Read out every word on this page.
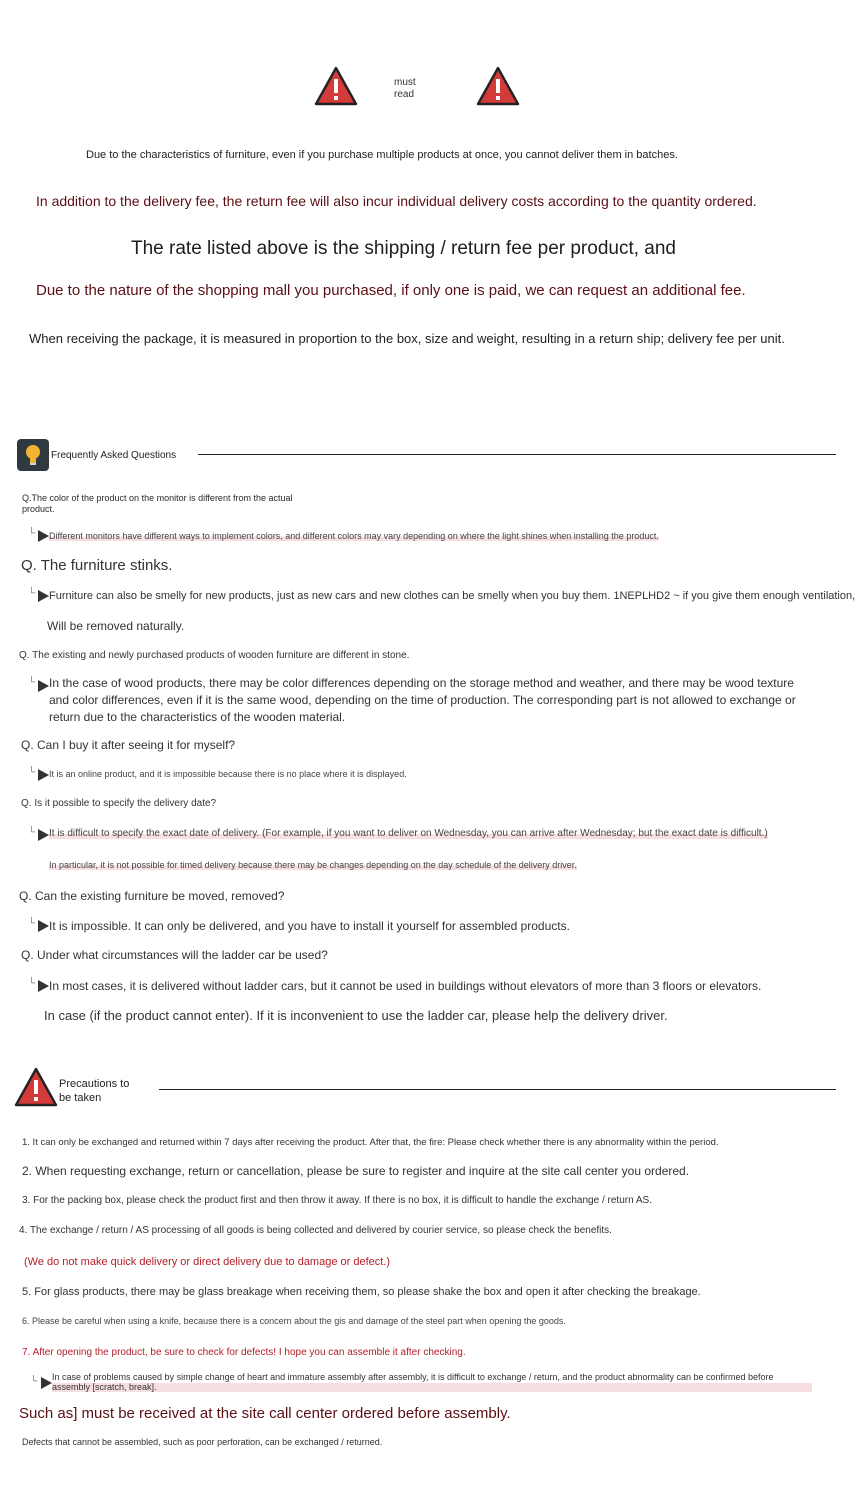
must
read
Due to the characteristics of furniture, even if you purchase multiple products at once, you cannot deliver them in batches.
In addition to the delivery fee, the return fee will also incur individual delivery costs according to the quantity ordered.
The rate listed above is the shipping / return fee per product, and
Due to the nature of the shopping mall you purchased, if only one is paid, we can request an additional fee.
When receiving the package, it is measured in proportion to the box, size and weight, resulting in a return ship; delivery fee per unit.
Frequently Asked Questions
Q.The color of the product on the monitor is different from the actual product.
└ Different monitors have different ways to implement colors, and different colors may vary depending on where the light shines when installing the product.
Q. The furniture stinks.
└ Furniture can also be smelly for new products, just as new cars and new clothes can be smelly when you buy them. 1NEPLHD2 ~ if you give them enough ventilation,
Will be removed naturally.
Q. The existing and newly purchased products of wooden furniture are different in stone.
└ In the case of wood products, there may be color differences depending on the storage method and weather, and there may be wood texture and color differences, even if it is the same wood, depending on the time of production. The corresponding part is not allowed to exchange or return due to the characteristics of the wooden material.
Q. Can I buy it after seeing it for myself?
└ It is an online product, and it is impossible because there is no place where it is displayed.
Q. Is it possible to specify the delivery date?
└ It is difficult to specify the exact date of delivery. (For example, if you want to deliver on Wednesday, you can arrive after Wednesday; but the exact date is difficult.)
In particular, it is not possible for timed delivery because there may be changes depending on the day schedule of the delivery driver.
Q. Can the existing furniture be moved, removed?
└ It is impossible. It can only be delivered, and you have to install it yourself for assembled products.
Q. Under what circumstances will the ladder car be used?
└ In most cases, it is delivered without ladder cars, but it cannot be used in buildings without elevators of more than 3 floors or elevators.
In case (if the product cannot enter). If it is inconvenient to use the ladder car, please help the delivery driver.
Precautions to
be taken
1. It can only be exchanged and returned within 7 days after receiving the product. After that, the fire: Please check whether there is any abnormality within the period.
2. When requesting exchange, return or cancellation, please be sure to register and inquire at the site call center you ordered.
3. For the packing box, please check the product first and then throw it away. If there is no box, it is difficult to handle the exchange / return AS.
4. The exchange / return / AS processing of all goods is being collected and delivered by courier service, so please check the benefits.
(We do not make quick delivery or direct delivery due to damage or defect.)
5. For glass products, there may be glass breakage when receiving them, so please shake the box and open it after checking the breakage.
6. Please be careful when using a knife, because there is a concern about the gis and damage of the steel part when opening the goods.
7. After opening the product, be sure to check for defects! I hope you can assemble it after checking.
└ In case of problems caused by simple change of heart and immature assembly after assembly, it is difficult to exchange / return, and the product abnormality can be confirmed before assembly [scratch, break].
Such as] must be received at the site call center ordered before assembly.
Defects that cannot be assembled, such as poor perforation, can be exchanged / returned.
